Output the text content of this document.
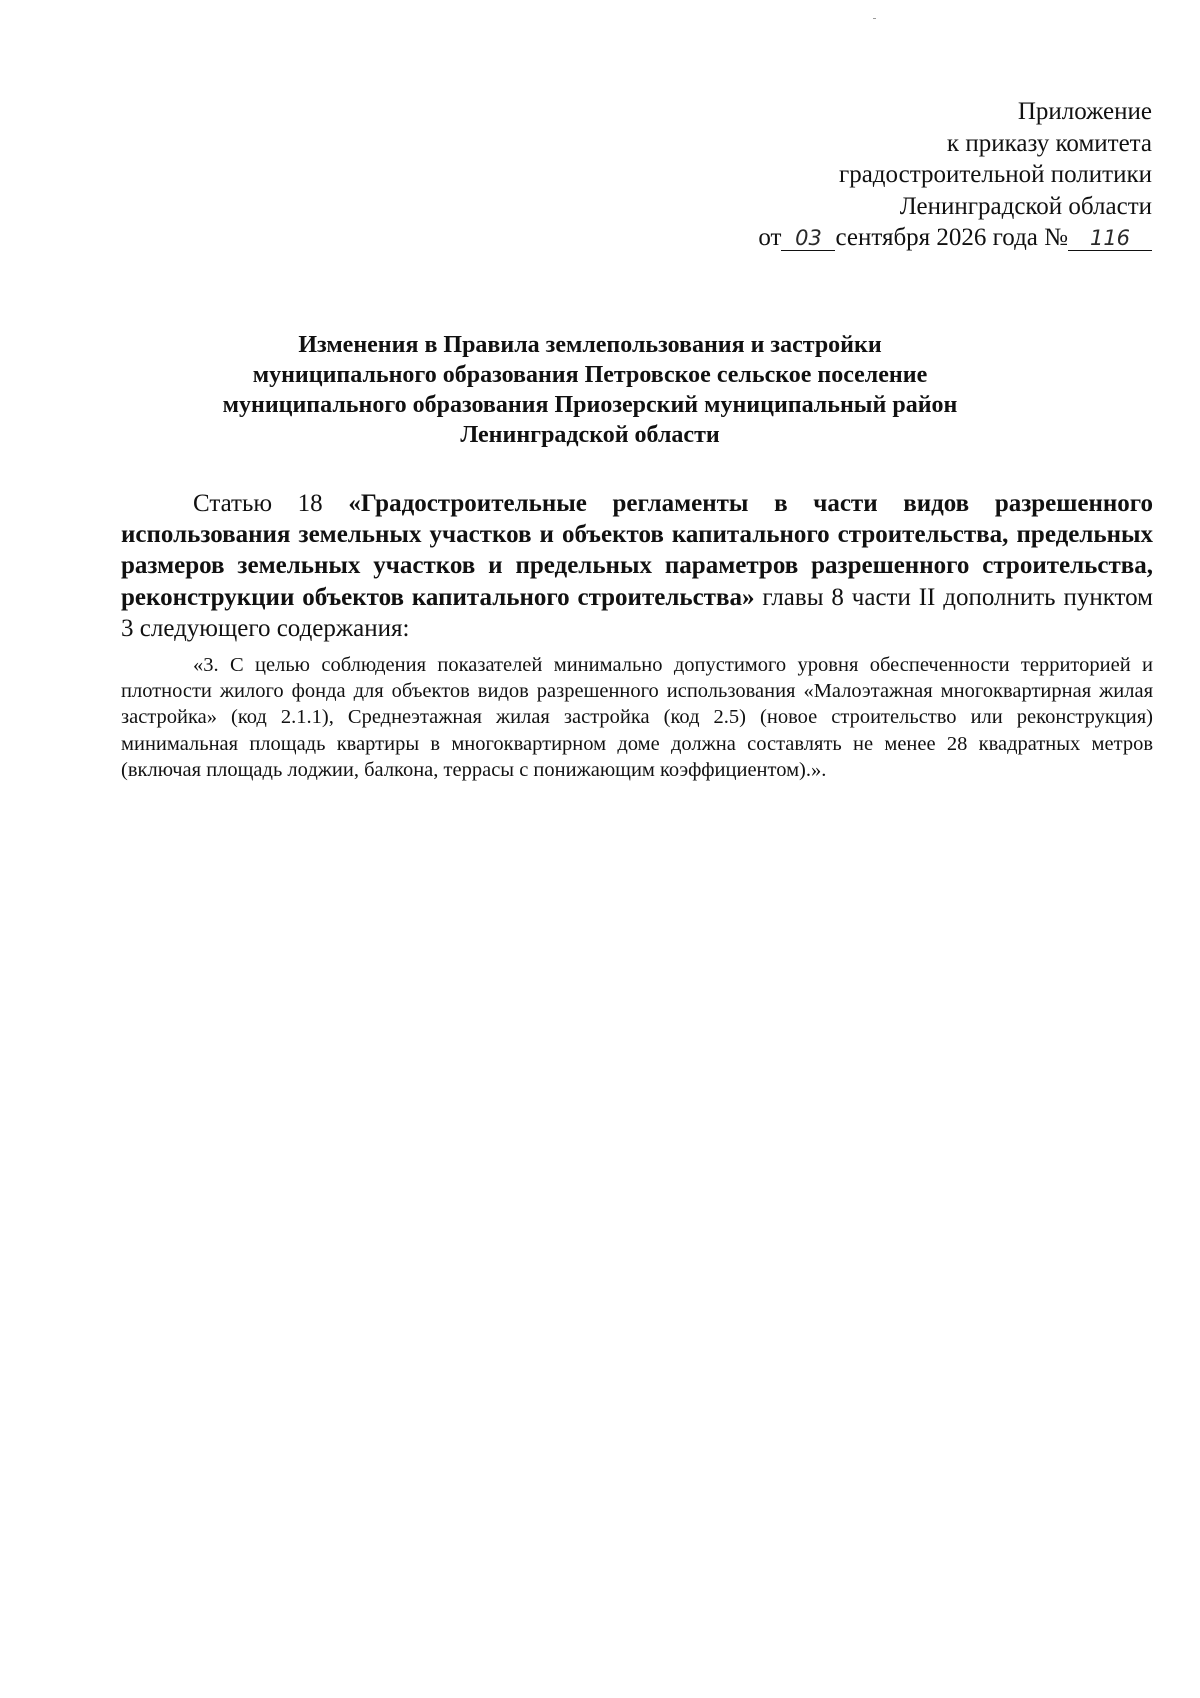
Приложение
к приказу комитета
градостроительной политики
Ленинградской области
от 03 сентября 2026 года № 116
Изменения в Правила землепользования и застройки
муниципального образования Петровское сельское поселение
муниципального образования Приозерский муниципальный район
Ленинградской области
Статью 18 «Градостроительные регламенты в части видов разрешенного использования земельных участков и объектов капитального строительства, предельных размеров земельных участков и предельных параметров разрешенного строительства, реконструкции объектов капитального строительства» главы 8 части II дополнить пунктом 3 следующего содержания:
«3. С целью соблюдения показателей минимально допустимого уровня обеспеченности территорией и плотности жилого фонда для объектов видов разрешенного использования «Малоэтажная многоквартирная жилая застройка» (код 2.1.1), Среднеэтажная жилая застройка (код 2.5) (новое строительство или реконструкция) минимальная площадь квартиры в многоквартирном доме должна составлять не менее 28 квадратных метров (включая площадь лоджии, балкона, террасы с понижающим коэффициентом).».
